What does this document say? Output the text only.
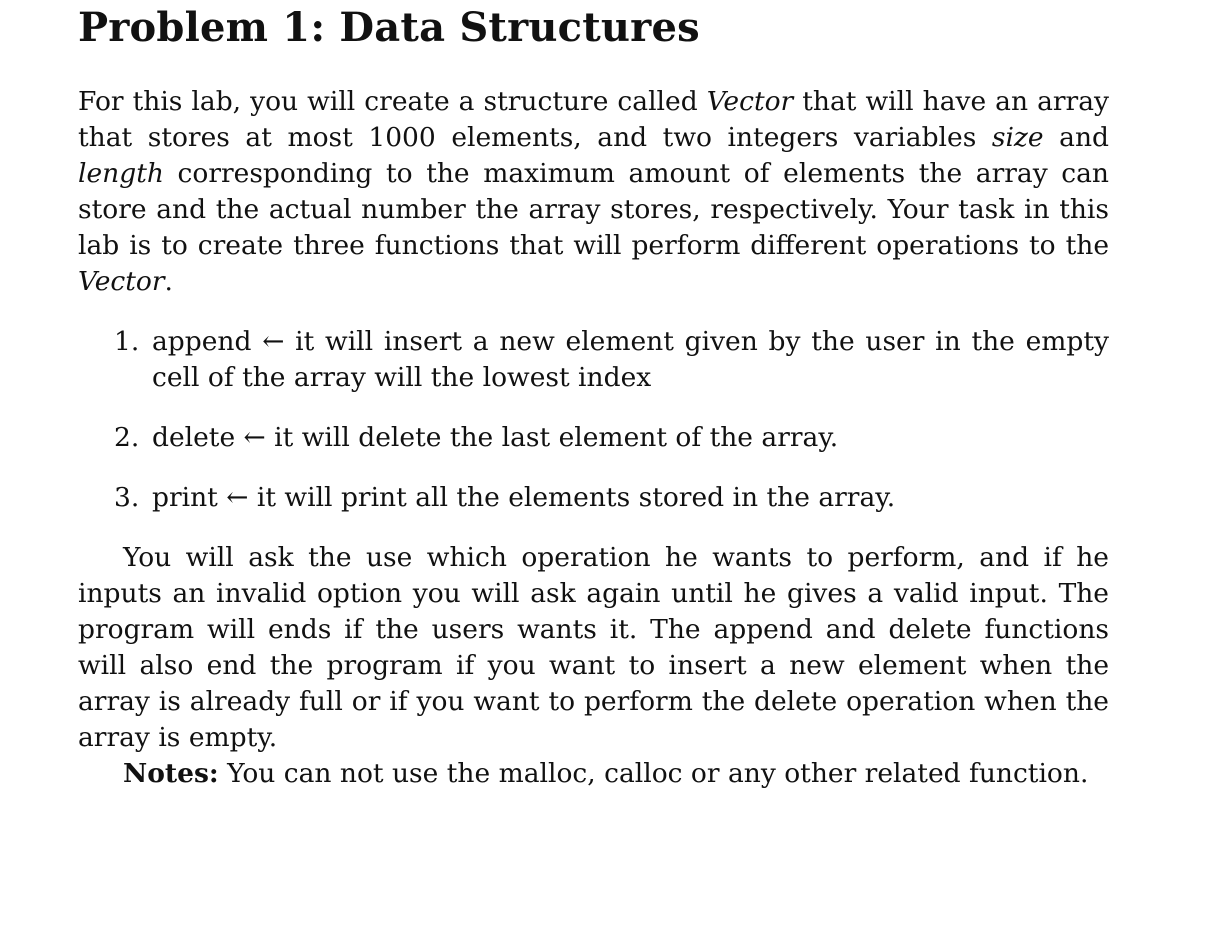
Problem 1: Data Structures

For this lab, you will create a structure called Vector that will have an array that stores at most 1000 elements, and two integers variables size and length corresponding to the maximum amount of elements the array can store and the actual number the array stores, respectively. Your task in this lab is to create three functions that will perform different operations to the Vector.

1. append ← it will insert a new element given by the user in the empty cell of the array will the lowest index
2. delete ← it will delete the last element of the array.
3. print ← it will print all the elements stored in the array.

You will ask the use which operation he wants to perform, and if he inputs an invalid option you will ask again until he gives a valid input. The program will ends if the users wants it. The append and delete functions will also end the program if you want to insert a new element when the array is already full or if you want to perform the delete operation when the array is empty.

Notes: You can not use the malloc, calloc or any other related function.
